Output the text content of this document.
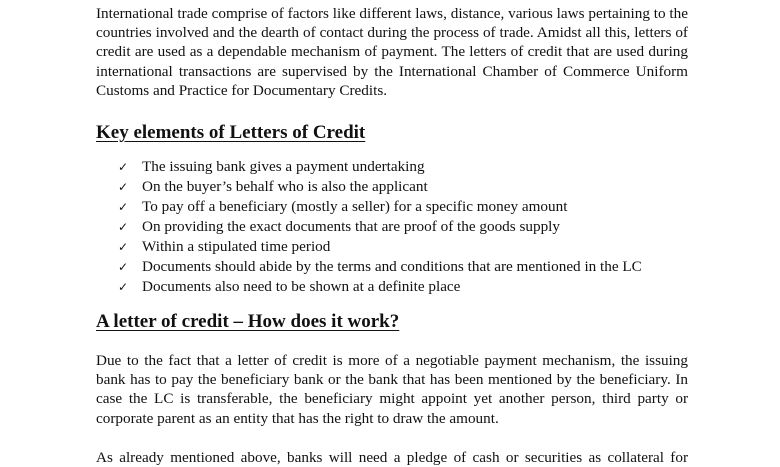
International trade comprise of factors like different laws, distance, various laws pertaining to the
countries involved and the dearth of contact during the process of trade. Amidst all this, letters of
credit are used as a dependable mechanism of payment. The letters of credit that are used during
international transactions are supervised by the International Chamber of Commerce Uniform
Customs and Practice for Documentary Credits.

Key elements of Letters of Credit
✓ The issuing bank gives a payment undertaking
✓ On the buyer’s behalf who is also the applicant
✓ To pay off a beneficiary (mostly a seller) for a specific money amount
✓ On providing the exact documents that are proof of the goods supply
✓ Within a stipulated time period
✓ Documents should abide by the terms and conditions that are mentioned in the LC
✓ Documents also need to be shown at a definite place
A letter of credit – How does it work?

Due to the fact that a letter of credit is more of a negotiable payment mechanism, the issuing
bank has to pay the beneficiary bank or the bank that has been mentioned by the beneficiary. In
case the LC is transferable, the beneficiary might appoint yet another person, third party or
corporate parent as an entity that has the right to draw the amount.

As already mentioned above, banks will need a pledge of cash or securities as collateral for
